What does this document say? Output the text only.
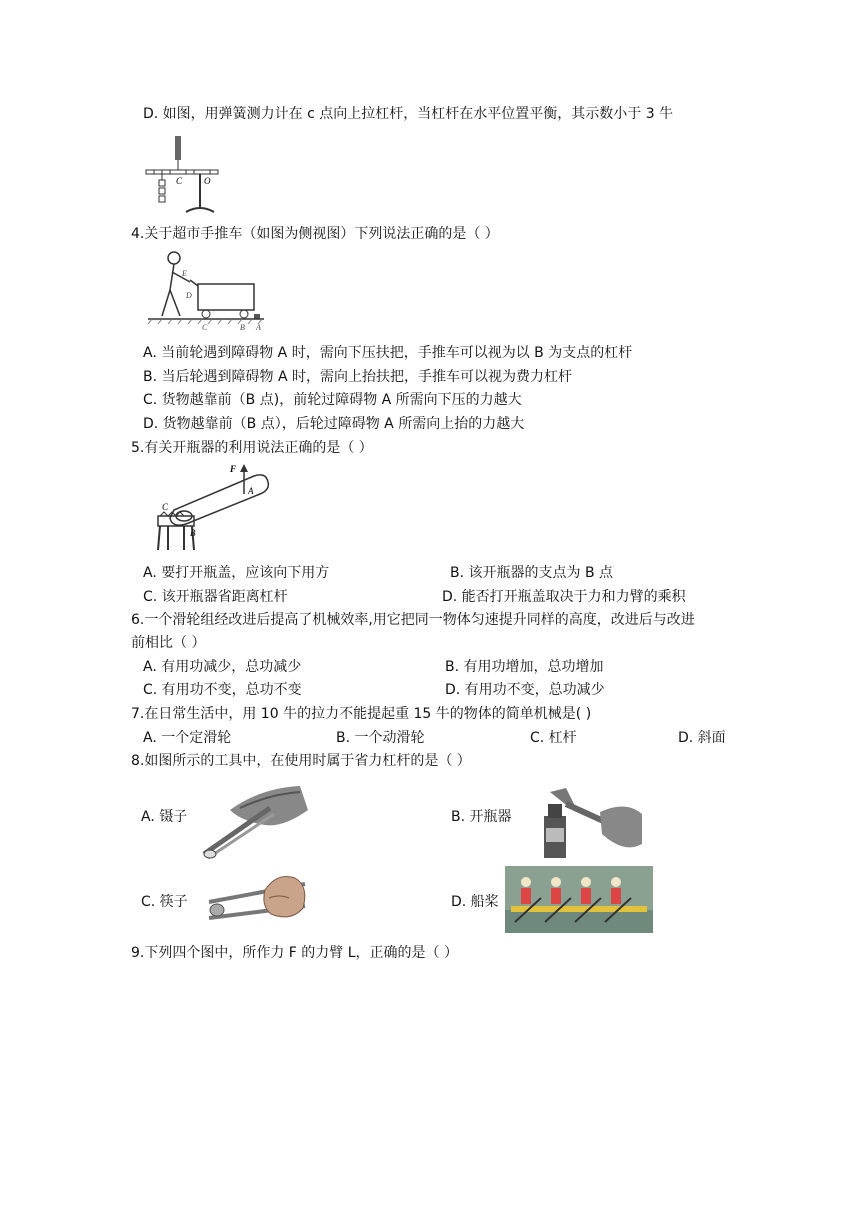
D. 如图，用弹簧测力计在 c 点向上拉杠杆，当杠杆在水平位置平衡，其示数小于 3 牛
C O
4.关于超市手推车（如图为侧视图）下列说法正确的是（ ）
E
D
C	B A
A. 当前轮遇到障碍物 A 时，需向下压扶把，手推车可以视为以 B 为支点的杠杆
B. 当后轮遇到障碍物 A 时，需向上抬扶把，手推车可以视为费力杠杆
C. 货物越靠前（B 点)，前轮过障碍物 A 所需向下压的力越大
D. 货物越靠前（B 点），后轮过障碍物 A 所需向上抬的力越大
5.有关开瓶器的利用说法正确的是（ ）
F
A
C
B
A. 要打开瓶盖，应该向下用方	B. 该开瓶器的支点为 B 点
C. 该开瓶器省距离杠杆	D. 能否打开瓶盖取决于力和力臂的乘积
6.一个滑轮组经改进后提高了机械效率,用它把同一物体匀速提升同样的高度，改进后与改进
前相比（ ）
A. 有用功减少，总功减少	B. 有用功增加，总功增加
C. 有用功不变，总功不变	D. 有用功不变，总功减少
7.在日常生活中，用 10 牛的拉力不能提起重 15 牛的物体的简单机械是( )
A. 一个定滑轮	B. 一个动滑轮	C. 杠杆	D. 斜面
8.如图所示的工具中，在使用时属于省力杠杆的是（ ）
A. 镊子	B. 开瓶器
C. 筷子	D. 船桨
9.下列四个图中，所作力 F 的力臂 L，正确的是（ ）
